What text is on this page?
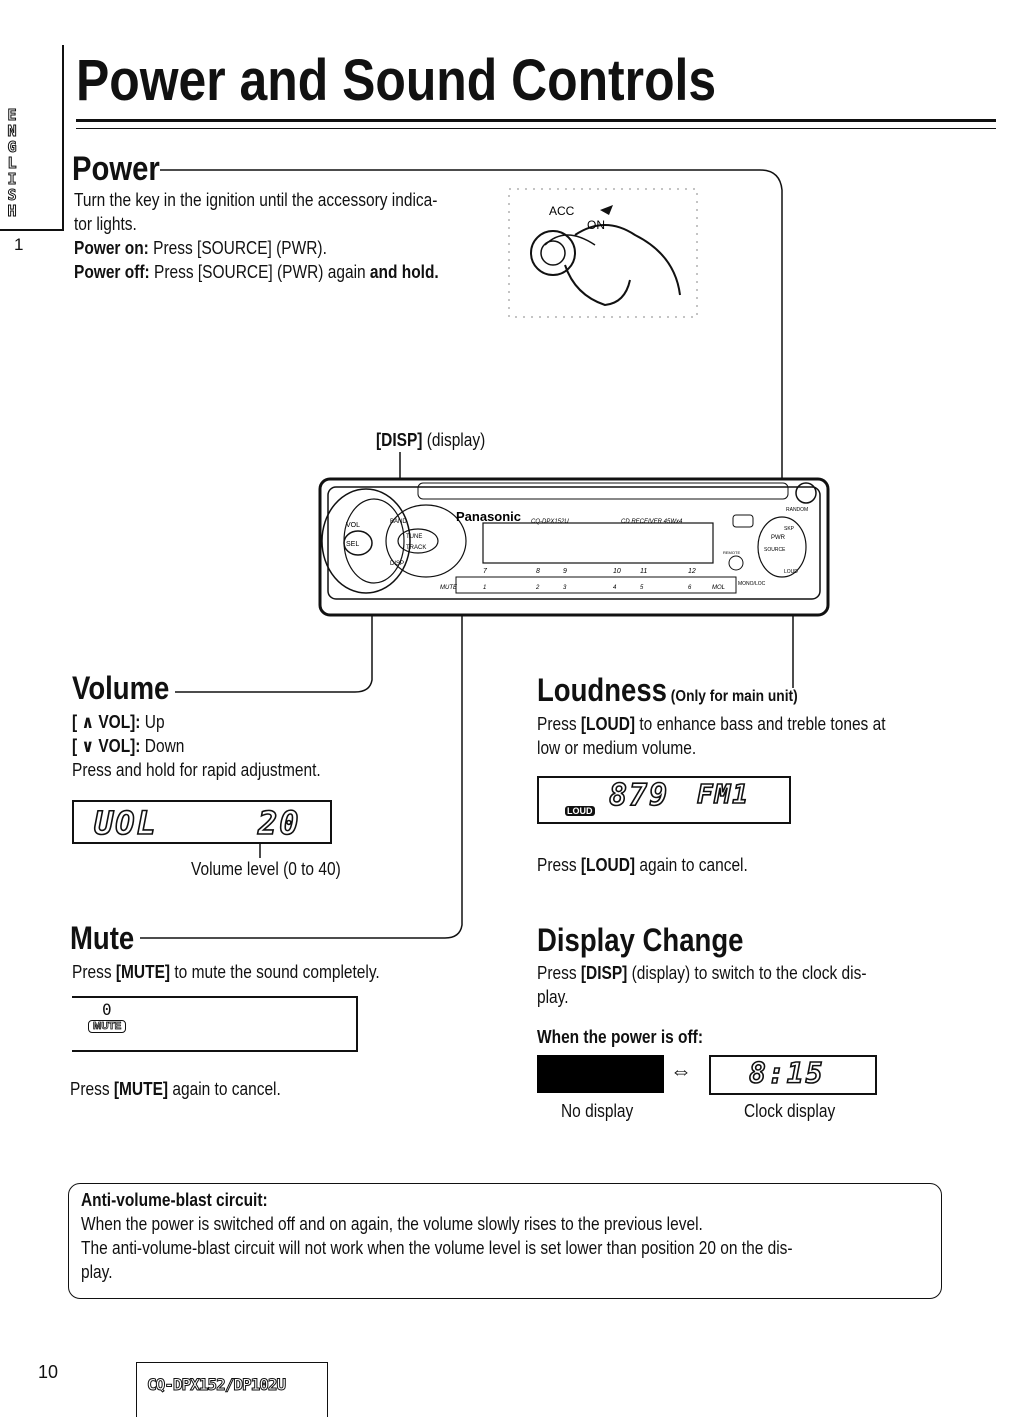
E
N
G
L
I
S
H
1
Power and Sound Controls
Power
Turn the key in the ignition until the accessory indica-
tor lights.
Power on: Press [SOURCE] (PWR).
Power off: Press [SOURCE] (PWR) again and hold.
ACC
ON
[DISP] (display)
Panasonic CQ-DPX152U	CD RECEIVER 45Wx4
VOL
SEL
BAND
TUNE
TRACK
DISP
MUTE
PWR
SOURCE
LOUD
RANDOM
SKP
MOL
REMOTE
MONO/LOC
7	8	9	10	11	12
1	2	3	4	5	6
Volume
[ ∧ VOL]: Up
[ ∨ VOL]: Down
Press and hold for rapid adjustment.
UOL	20
Volume level (0 to 40)
Mute
Press [MUTE] to mute the sound completely.
0
MUTE
Press [MUTE] again to cancel.
Loudness (Only for main unit)
Press [LOUD] to enhance bass and treble tones at
low or medium volume.
LOUD 879 FM1
Press [LOUD] again to cancel.
Display Change
Press [DISP] (display) to switch to the clock dis-
play.
When the power is off:
⇔ 8:15
No display	Clock display
Anti-volume-blast circuit:
When the power is switched off and on again, the volume slowly rises to the previous level.
The anti-volume-blast circuit will not work when the volume level is set lower than position 20 on the dis-
play.
10
CQ-DPX152/DP102U
